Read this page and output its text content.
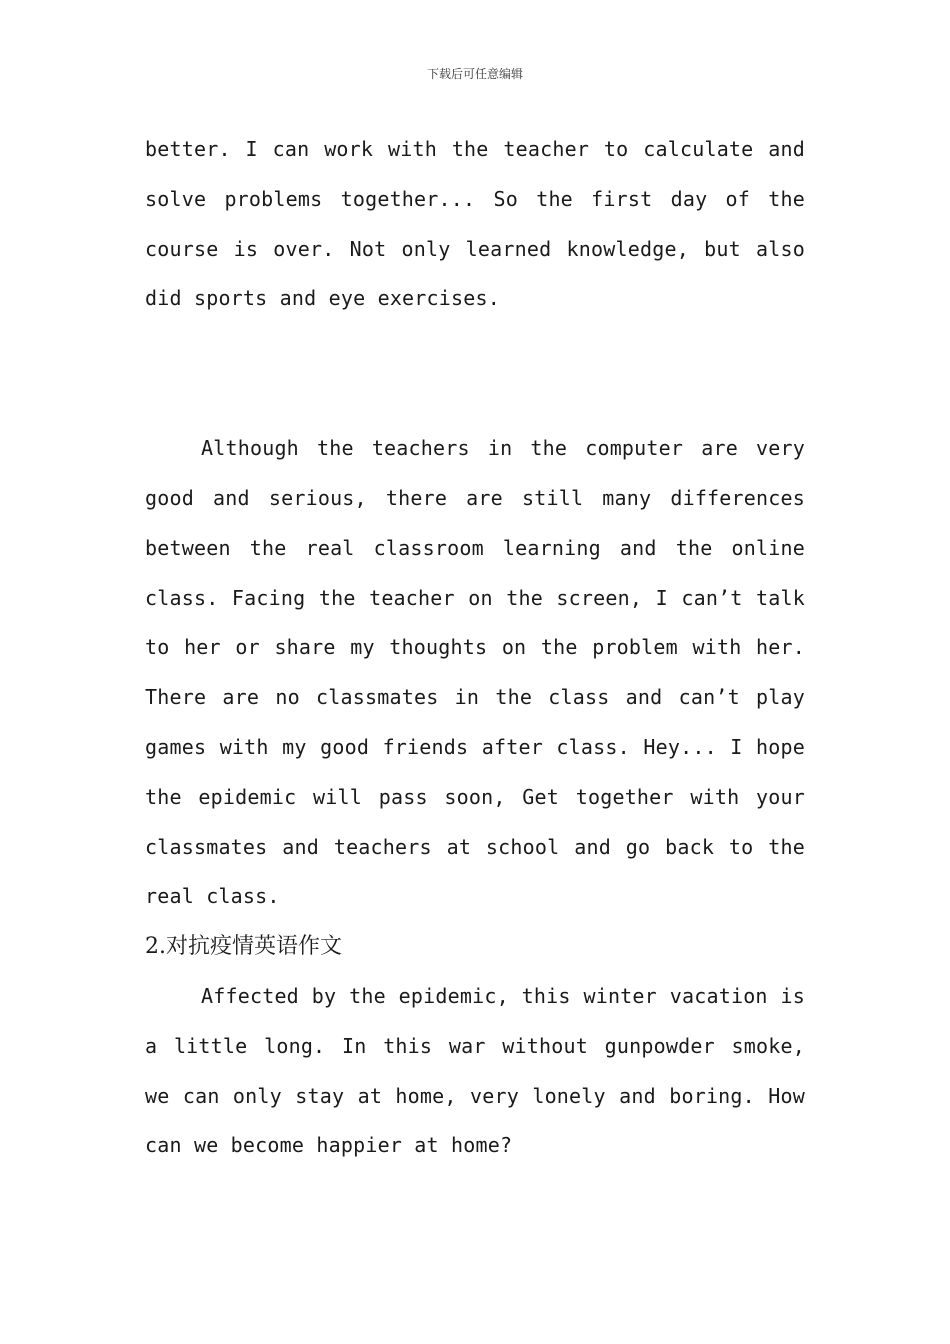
下载后可任意编辑

better. I can work with the teacher to calculate and solve problems together... So the first day of the course is over. Not only learned knowledge, but also did sports and eye exercises.

Although the teachers in the computer are very good and serious, there are still many differences between the real classroom learning and the online class. Facing the teacher on the screen, I can’t talk to her or share my thoughts on the problem with her. There are no classmates in the class and can’t play games with my good friends after class. Hey... I hope the epidemic will pass soon, Get together with your classmates and teachers at school and go back to the real class.

2.对抗疫情英语作文

Affected by the epidemic, this winter vacation is a little long. In this war without gunpowder smoke, we can only stay at home, very lonely and boring. How can we become happier at home?
